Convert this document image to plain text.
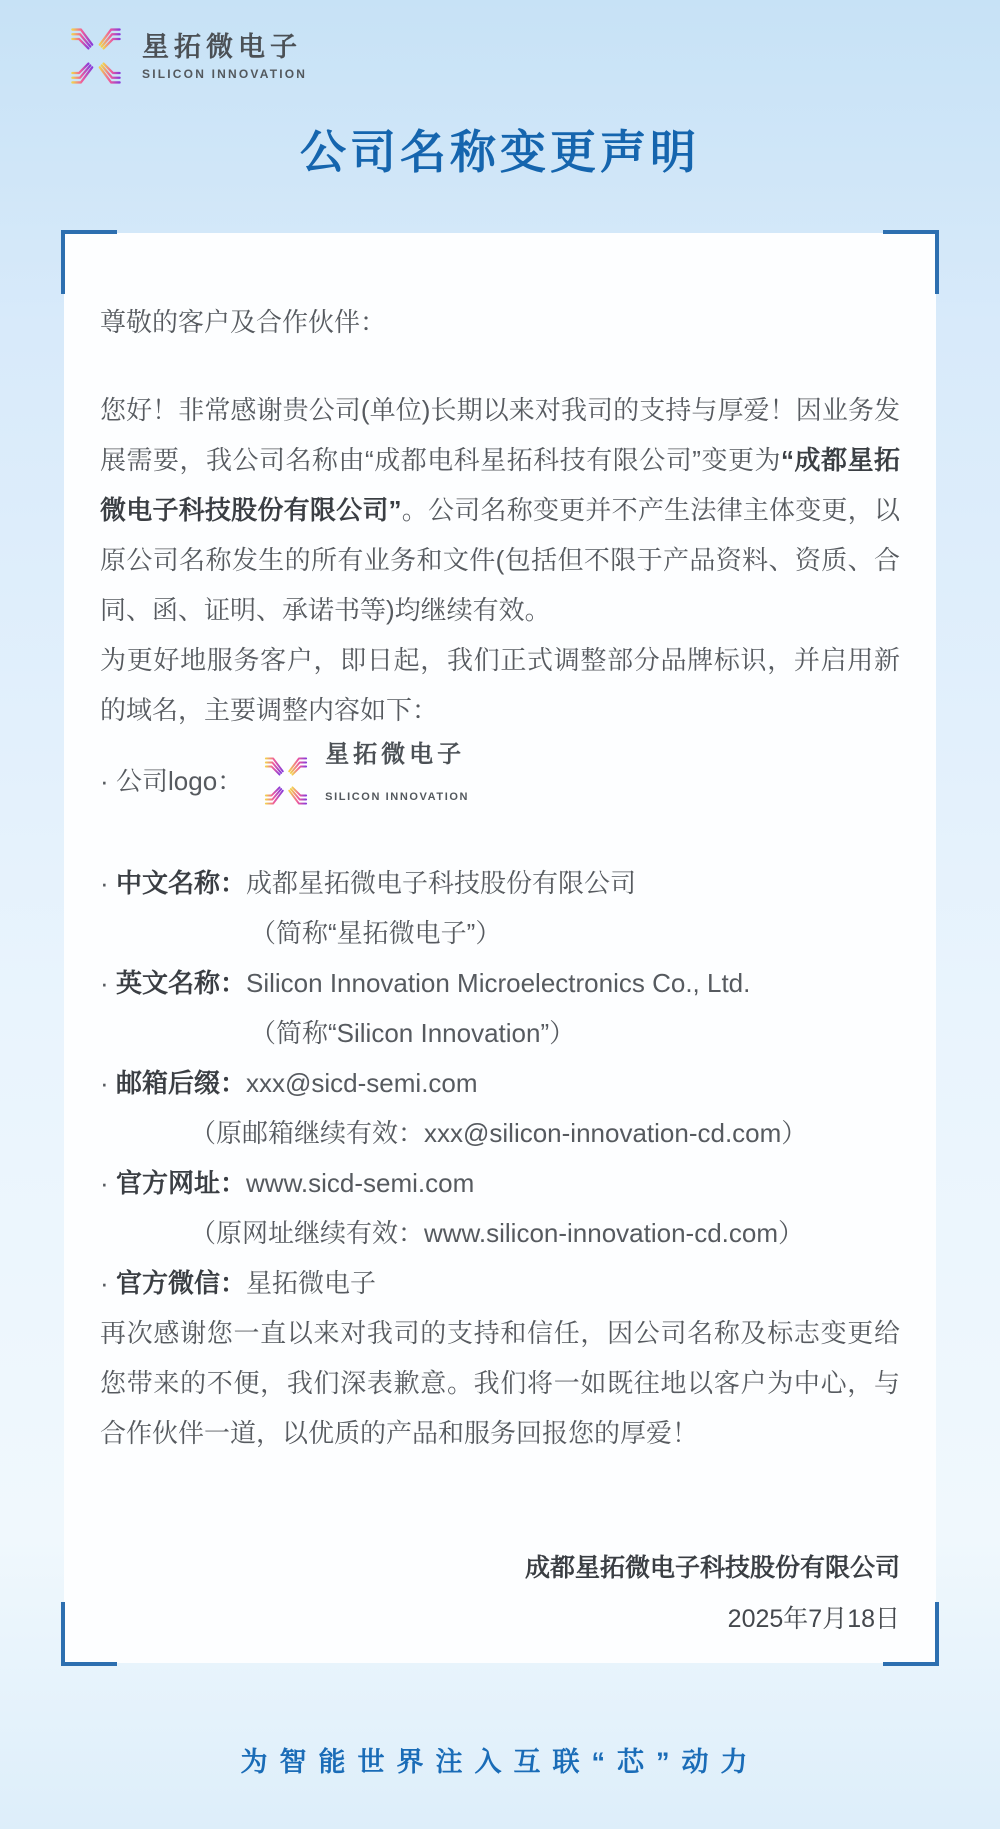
星拓微电子
SILICON INNOVATION
公司名称变更声明

尊敬的客户及合作伙伴：

您好！非常感谢贵公司(单位)长期以来对我司的支持与厚爱！因业务发展需要，我公司名称由“成都电科星拓科技有限公司”变更为“成都星拓微电子科技股份有限公司”。公司名称变更并不产生法律主体变更，以原公司名称发生的所有业务和文件(包括但不限于产品资料、资质、合同、函、证明、承诺书等)均继续有效。

为更好地服务客户，即日起，我们正式调整部分品牌标识，并启用新的域名，主要调整内容如下：

· 公司logo：
星拓微电子
SILICON INNOVATION
· 中文名称： 成都星拓微电子科技股份有限公司
（简称“星拓微电子”）
· 英文名称： Silicon Innovation Microelectronics Co., Ltd.
（简称“Silicon Innovation”）
· 邮箱后缀： xxx@sicd-semi.com
（原邮箱继续有效：xxx@silicon-innovation-cd.com）
· 官方网址： www.sicd-semi.com
（原网址继续有效：www.silicon-innovation-cd.com）
· 官方微信： 星拓微电子

再次感谢您一直以来对我司的支持和信任，因公司名称及标志变更给您带来的不便，我们深表歉意。我们将一如既往地以客户为中心，与合作伙伴一道，以优质的产品和服务回报您的厚爱！

成都星拓微电子科技股份有限公司
2025年7月18日
为智能世界注入互联“芯”动力
